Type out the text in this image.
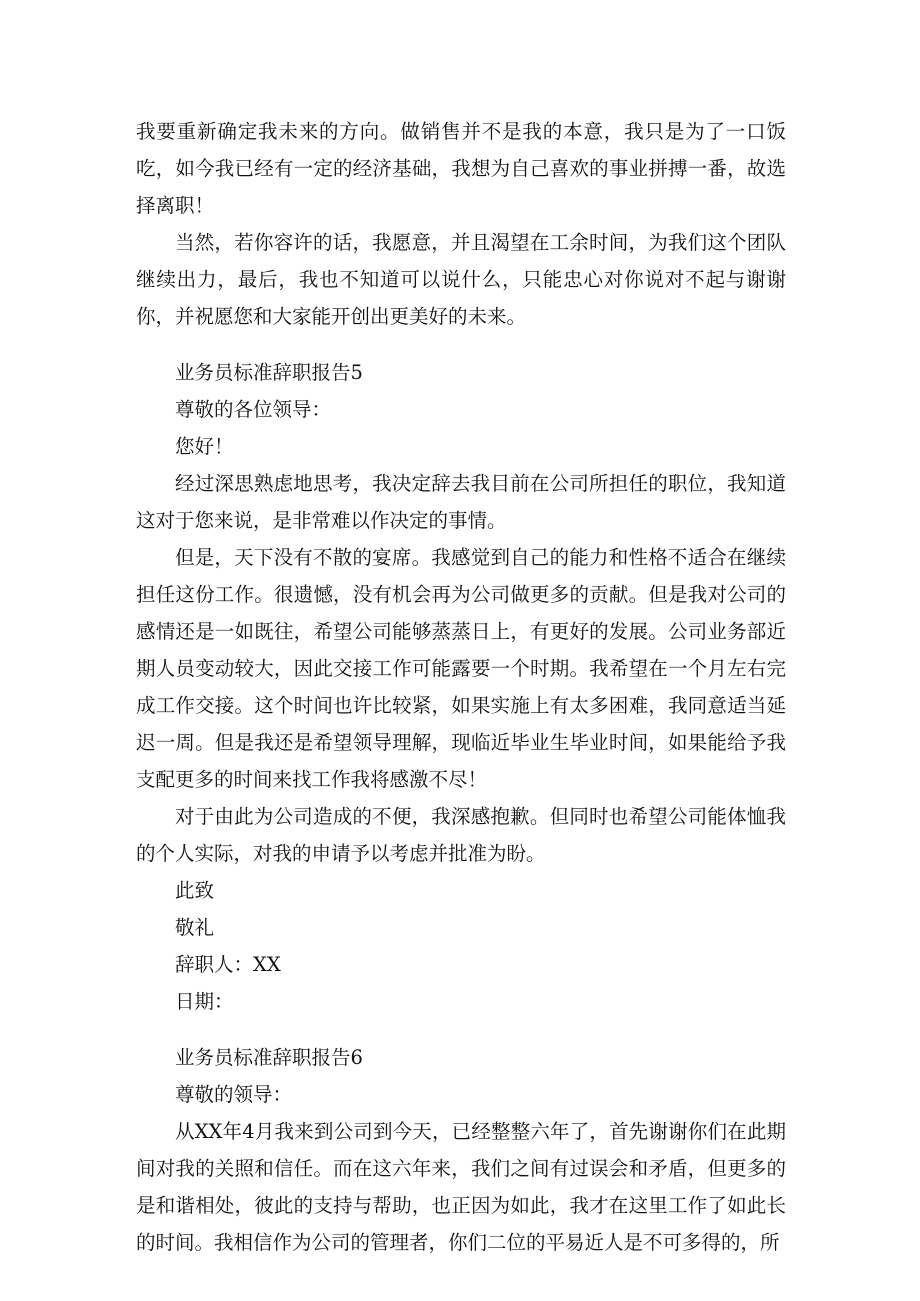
我要重新确定我未来的方向。做销售并不是我的本意，我只是为了一口饭吃，如今我已经有一定的经济基础，我想为自己喜欢的事业拼搏一番，故选择离职！

当然，若你容许的话，我愿意，并且渴望在工余时间，为我们这个团队继续出力，最后，我也不知道可以说什么，只能忠心对你说对不起与谢谢你，并祝愿您和大家能开创出更美好的未来。

业务员标准辞职报告5

尊敬的各位领导：

您好！

经过深思熟虑地思考，我决定辞去我目前在公司所担任的职位，我知道这对于您来说，是非常难以作决定的事情。

但是，天下没有不散的宴席。我感觉到自己的能力和性格不适合在继续担任这份工作。很遗憾，没有机会再为公司做更多的贡献。但是我对公司的感情还是一如既往，希望公司能够蒸蒸日上，有更好的发展。公司业务部近期人员变动较大，因此交接工作可能露要一个时期。我希望在一个月左右完成工作交接。这个时间也许比较紧，如果实施上有太多困难，我同意适当延迟一周。但是我还是希望领导理解，现临近毕业生毕业时间，如果能给予我支配更多的时间来找工作我将感激不尽！

对于由此为公司造成的不便，我深感抱歉。但同时也希望公司能体恤我的个人实际，对我的申请予以考虑并批准为盼。

此致

敬礼

辞职人：XX

日期：

业务员标准辞职报告6

尊敬的领导：

从XX年4月我来到公司到今天，已经整整六年了，首先谢谢你们在此期间对我的关照和信任。而在这六年来，我们之间有过误会和矛盾，但更多的是和谐相处，彼此的支持与帮助，也正因为如此，我才在这里工作了如此长的时间。我相信作为公司的管理者，你们二位的平易近人是不可多得的，所
